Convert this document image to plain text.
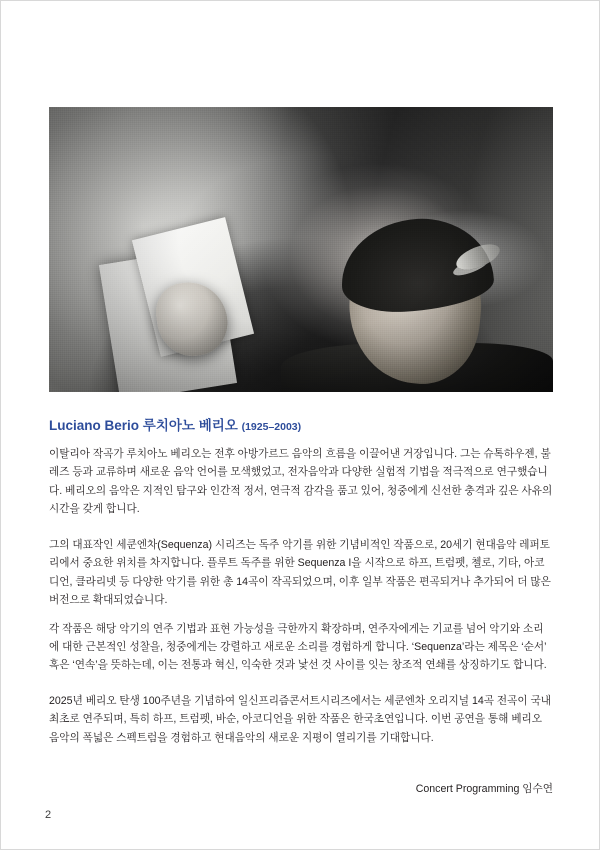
Luciano Berio 루치아노 베리오 (1925–2003)

이탈리아 작곡가 루치아노 베리오는 전후 아방가르드 음악의 흐름을 이끌어낸 거장입니다. 그는 슈톡하우젠, 불레즈 등과 교류하며 새로운 음악 언어를 모색했었고, 전자음악과 다양한 실험적 기법을 적극적으로 연구했습니다. 베리오의 음악은 지적인 탐구와 인간적 정서, 연극적 감각을 품고 있어, 청중에게 신선한 충격과 깊은 사유의 시간을 갖게 합니다.

그의 대표작인 세쿤엔차(Sequenza) 시리즈는 독주 악기를 위한 기념비적인 작품으로, 20세기 현대음악 레퍼토리에서 중요한 위치를 차지합니다. 플루트 독주를 위한 Sequenza I을 시작으로 하프, 트럼펫, 첼로, 기타, 아코디언, 클라리넷 등 다양한 악기를 위한 총 14곡이 작곡되었으며, 이후 일부 작품은 편곡되거나 추가되어 더 많은 버전으로 확대되었습니다.

각 작품은 해당 악기의 연주 기법과 표현 가능성을 극한까지 확장하며, 연주자에게는 기교를 넘어 악기와 소리에 대한 근본적인 성찰을, 청중에게는 강렬하고 새로운 소리를 경험하게 합니다. ‘Sequenza’라는 제목은 ‘순서’ 혹은 ‘연속’을 뜻하는데, 이는 전통과 혁신, 익숙한 것과 낯선 것 사이를 잇는 창조적 연쇄를 상징하기도 합니다.

2025년 베리오 탄생 100주년을 기념하여 일신프리즘콘서트시리즈에서는 세쿤엔차 오리지널 14곡 전곡이 국내 최초로 연주되며, 특히 하프, 트럼펫, 바순, 아코디언을 위한 작품은 한국초연입니다. 이번 공연을 통해 베리오 음악의 폭넓은 스펙트럼을 경험하고 현대음악의 새로운 지평이 열리기를 기대합니다.

Concert Programming 임수연
2
